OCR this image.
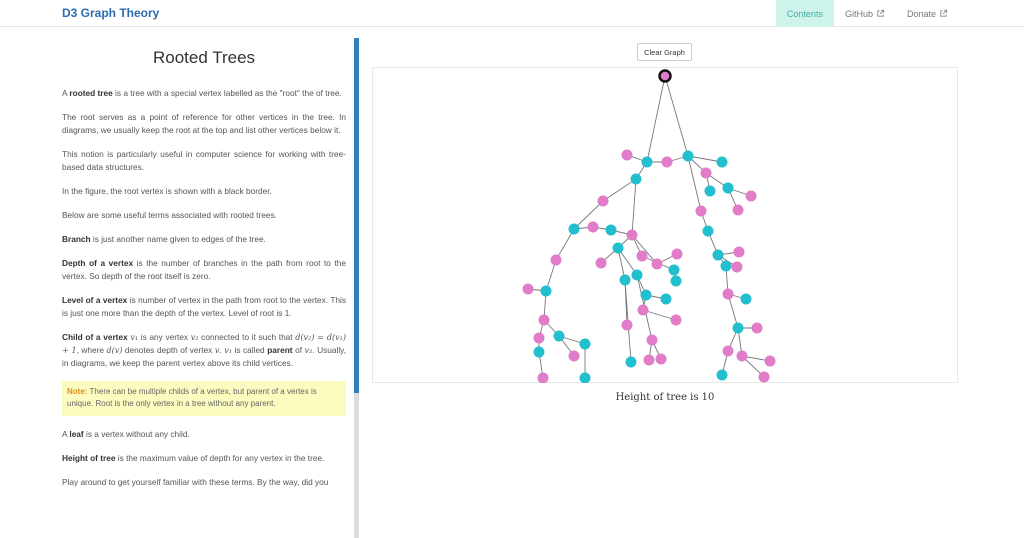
D3 Graph Theory	Contents GitHub	Donate
Rooted Trees

A rooted tree is a tree with a special vertex labelled as the "root" the of tree.

The root serves as a point of reference for other vertices in the tree. In diagrams, we usually keep the root at the top and list other vertices below it.

This notion is particularly useful in computer science for working with tree-based data structures.

In the figure, the root vertex is shown with a black border.

Below are some useful terms associated with rooted trees.

Branch is just another name given to edges of the tree.

Depth of a vertex is the number of branches in the path from root to the vertex. So depth of the root itself is zero.

Level of a vertex is number of vertex in the path from root to the vertex. This is just one more than the depth of the vertex. Level of root is 1.

Child of a vertex v₁ is any vertex v₂ connected to it such that d(v₂) = d(v₁) + 1, where d(v) denotes depth of vertex v. v₁ is called parent of v₂. Usually, in diagrams, we keep the parent vertex above its child vertices.

Note: There can be multiple childs of a vertex, but parent of a vertex is unique. Root is the only vertex in a tree without any parent.

A leaf is a vertex without any child.

Height of tree is the maximum value of depth for any vertex in the tree.

Play around to get yourself familiar with these terms. By the way, did you

Clear Graph
Height of tree is 10
